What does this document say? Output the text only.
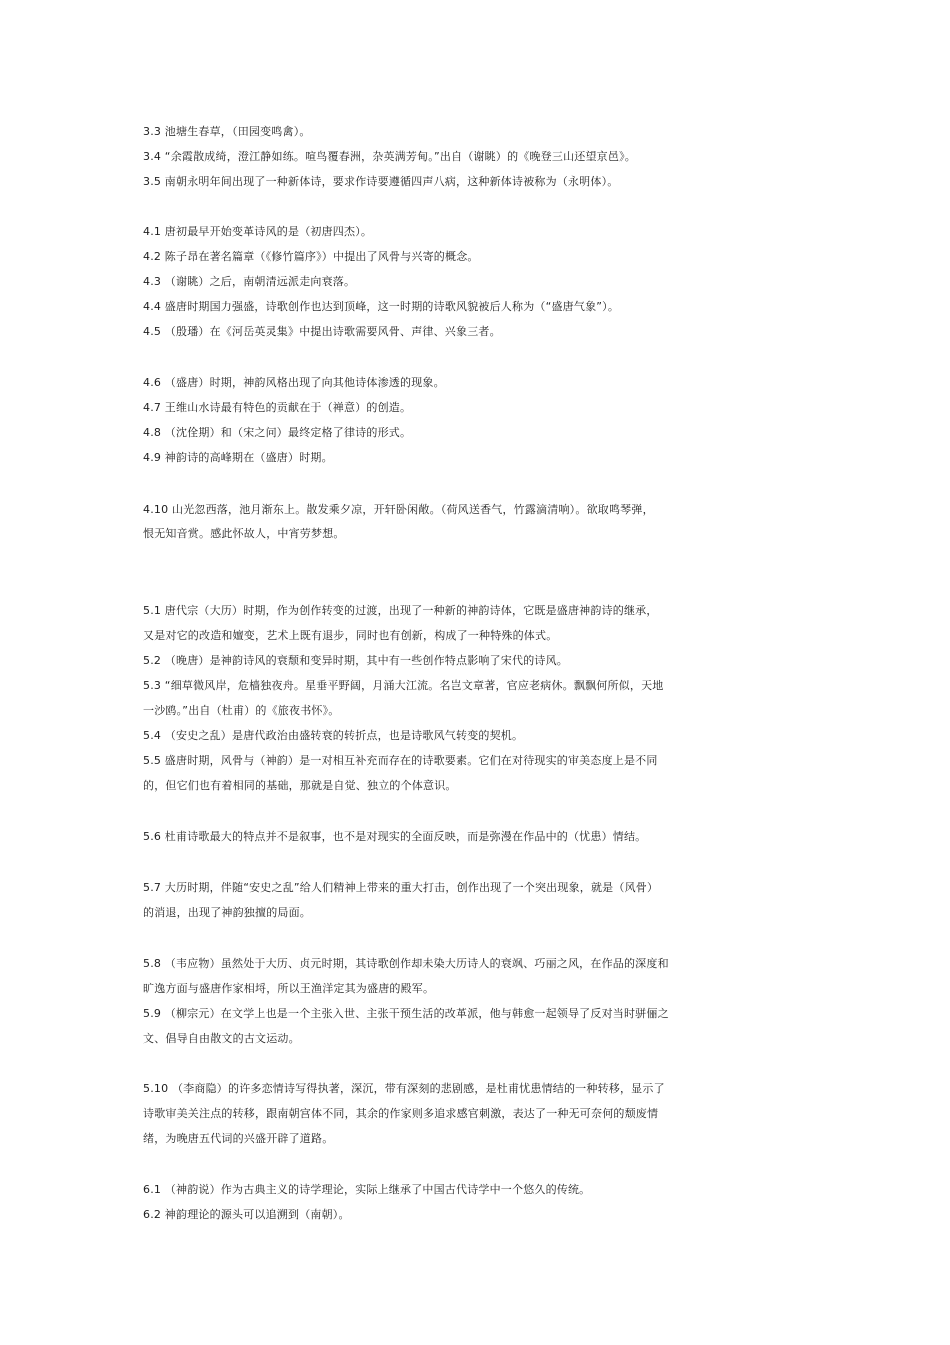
3.3 池塘生春草，（田园变鸣禽）。
3.4 “余霞散成绮，澄江静如练。喧鸟覆春洲，杂英满芳甸。”出自（谢眺）的《晚登三山还望京邑》。
3.5 南朝永明年间出现了一种新体诗，要求作诗要遵循四声八病，这种新体诗被称为（永明体）。
4.1 唐初最早开始变革诗风的是（初唐四杰）。
4.2 陈子昂在著名篇章（《修竹篇序》）中提出了风骨与兴寄的概念。
4.3 （谢眺）之后，南朝清远派走向衰落。
4.4 盛唐时期国力强盛，诗歌创作也达到顶峰，这一时期的诗歌风貌被后人称为（“盛唐气象”）。
4.5 （殷璠）在《河岳英灵集》中提出诗歌需要风骨、声律、兴象三者。
4.6 （盛唐）时期，神韵风格出现了向其他诗体渗透的现象。
4.7 王维山水诗最有特色的贡献在于（禅意）的创造。
4.8 （沈佺期）和（宋之问）最终定格了律诗的形式。
4.9 神韵诗的高峰期在（盛唐）时期。
4.10 山光忽西落，池月渐东上。散发乘夕凉，开轩卧闲敞。（荷风送香气，竹露滴清响）。欲取鸣琴弹，
恨无知音赏。感此怀故人，中宵劳梦想。
5.1 唐代宗（大历）时期，作为创作转变的过渡，出现了一种新的神韵诗体，它既是盛唐神韵诗的继承，
又是对它的改造和嬗变，艺术上既有退步，同时也有创新，构成了一种特殊的体式。
5.2 （晚唐）是神韵诗风的衰颓和变异时期，其中有一些创作特点影响了宋代的诗风。
5.3 “细草微风岸，危樯独夜舟。星垂平野阔，月涌大江流。名岂文章著，官应老病休。飘飘何所似，天地
一沙鸥。”出自（杜甫）的《旅夜书怀》。
5.4 （安史之乱）是唐代政治由盛转衰的转折点，也是诗歌风气转变的契机。
5.5 盛唐时期，风骨与（神韵）是一对相互补充而存在的诗歌要素。它们在对待现实的审美态度上是不同
的，但它们也有着相同的基础，那就是自觉、独立的个体意识。
5.6 杜甫诗歌最大的特点并不是叙事，也不是对现实的全面反映，而是弥漫在作品中的（忧患）情结。
5.7 大历时期，伴随“安史之乱”给人们精神上带来的重大打击，创作出现了一个突出现象，就是（风骨）
的消退，出现了神韵独擅的局面。
5.8 （韦应物）虽然处于大历、贞元时期，其诗歌创作却未染大历诗人的衰飒、巧丽之风，在作品的深度和
旷逸方面与盛唐作家相埒，所以王渔洋定其为盛唐的殿军。
5.9 （柳宗元）在文学上也是一个主张入世、主张干预生活的改革派，他与韩愈一起领导了反对当时骈俪之
文、倡导自由散文的古文运动。
5.10 （李商隐）的许多恋情诗写得执著，深沉，带有深刻的悲剧感，是杜甫忧患情结的一种转移，显示了
诗歌审美关注点的转移，跟南朝宫体不同，其余的作家则多追求感官刺激，表达了一种无可奈何的颓废情
绪，为晚唐五代词的兴盛开辟了道路。
6.1 （神韵说）作为古典主义的诗学理论，实际上继承了中国古代诗学中一个悠久的传统。
6.2 神韵理论的源头可以追溯到（南朝）。
